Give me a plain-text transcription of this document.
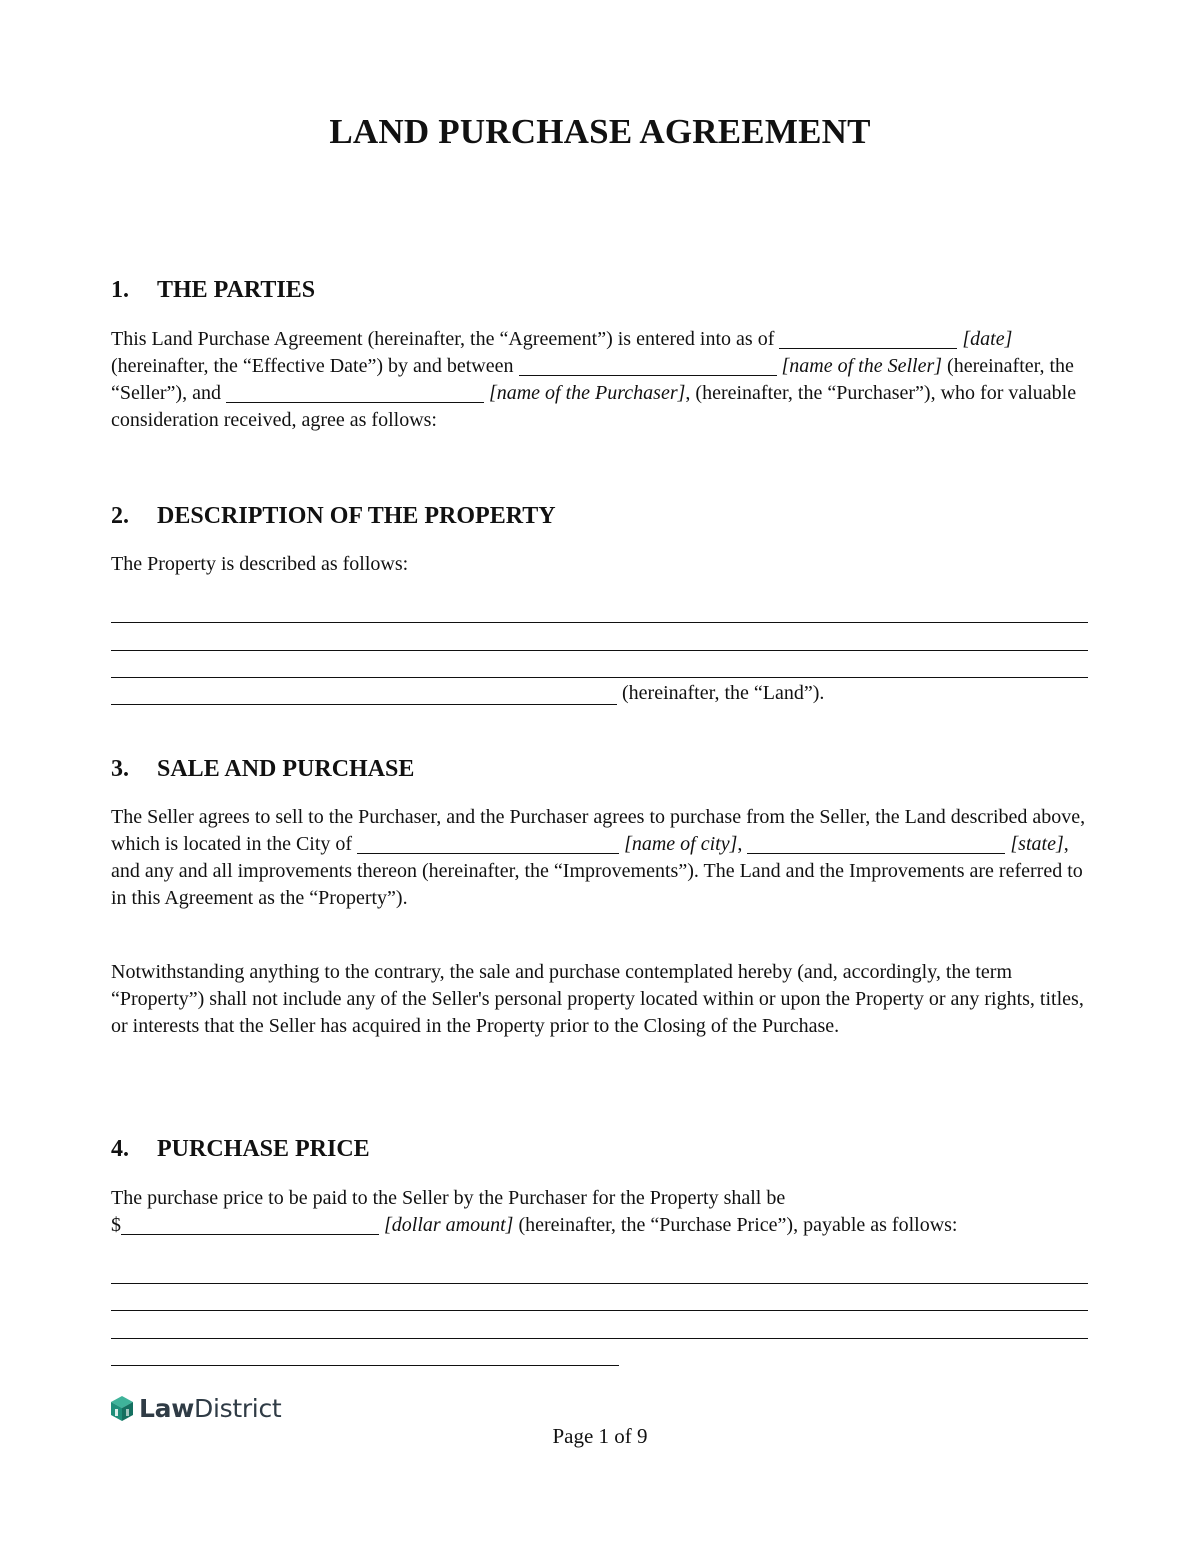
LAND PURCHASE AGREEMENT
1. THE PARTIES

This Land Purchase Agreement (hereinafter, the “Agreement”) is entered into as of	[date] (hereinafter, the “Effective Date”) by and between	[name of the Seller] (hereinafter, the “Seller”), and	[name of the Purchaser], (hereinafter, the “Purchaser”), who for valuable consideration received, agree as follows:

2. DESCRIPTION OF THE PROPERTY

The Property is described as follows:

(hereinafter, the “Land”).

3. SALE AND PURCHASE

The Seller agrees to sell to the Purchaser, and the Purchaser agrees to purchase from the Seller, the Land described above, which is located in the City of	[name of city],	[state], and any and all improvements thereon (hereinafter, the “Improvements”). The Land and the Improvements are referred to in this Agreement as the “Property”).

Notwithstanding anything to the contrary, the sale and purchase contemplated hereby (and, accordingly, the term “Property”) shall not include any of the Seller's personal property located within or upon the Property or any rights, titles, or interests that the Seller has acquired in the Property prior to the Closing of the Purchase.

4. PURCHASE PRICE

The purchase price to be paid to the Seller by the Purchaser for the Property shall be
$	[dollar amount] (hereinafter, the “Purchase Price”), payable as follows:

LawDistrict

Page 1 of 9
